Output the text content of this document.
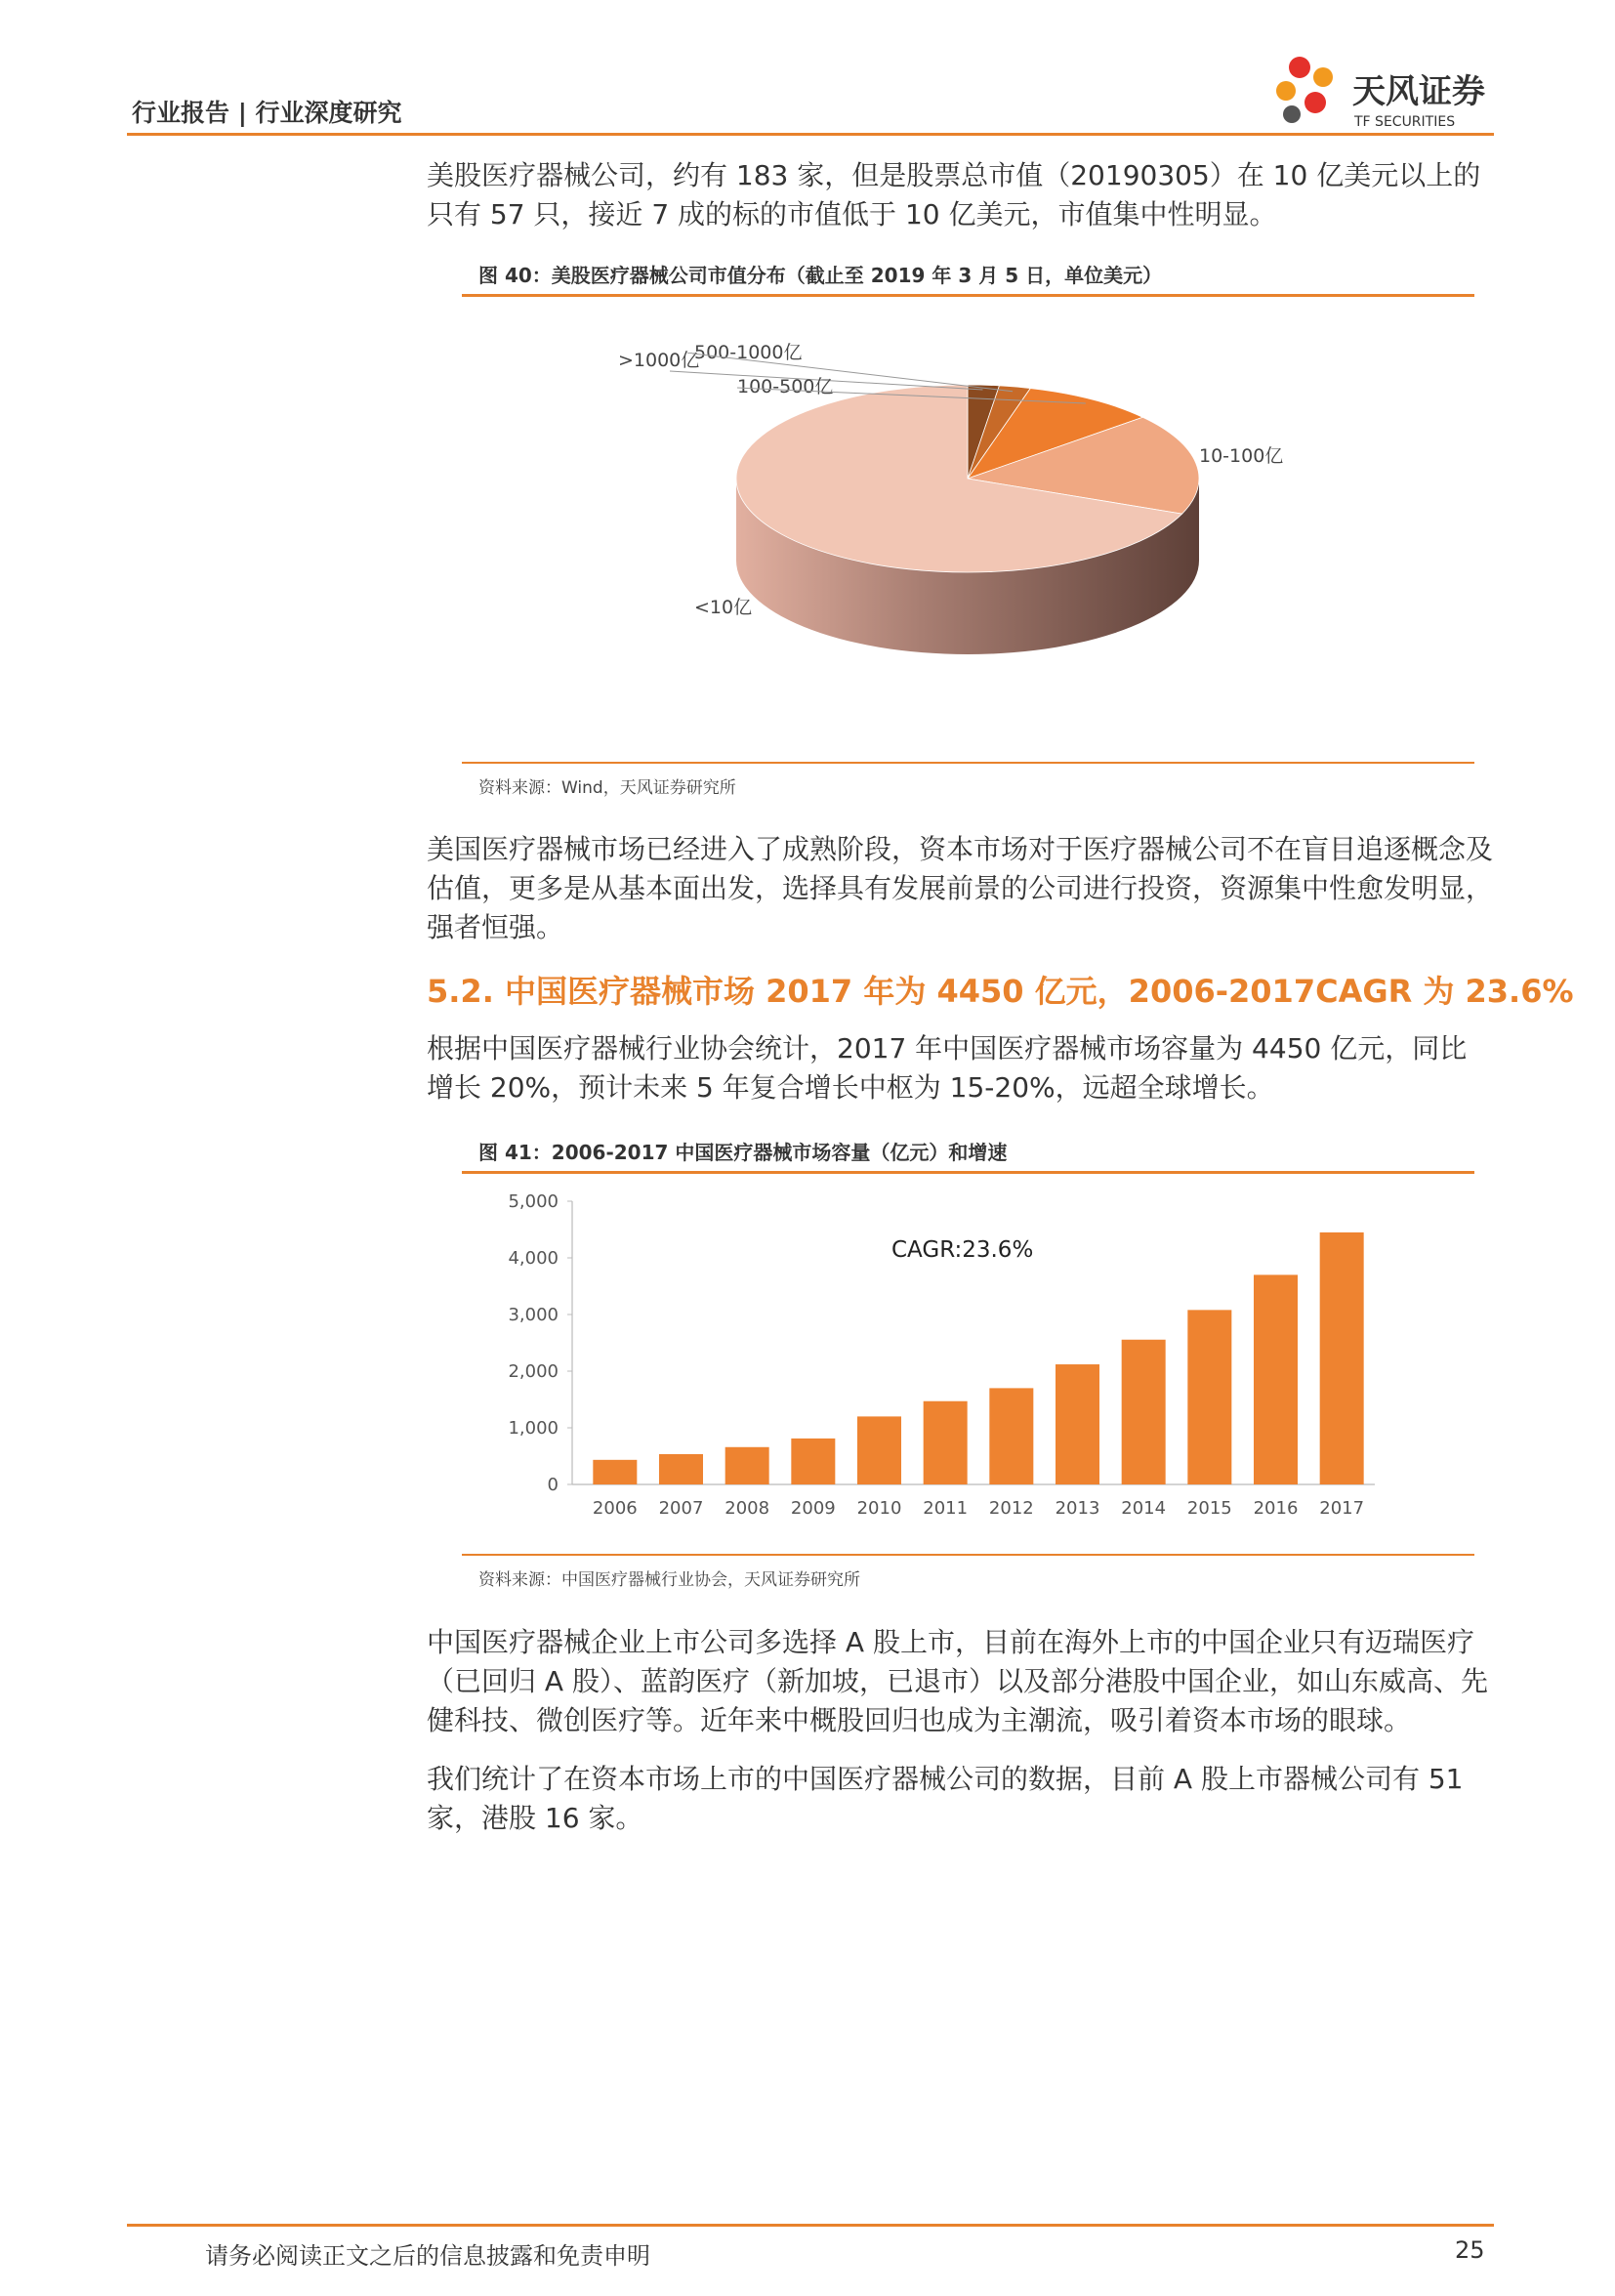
行业报告 | 行业深度研究
天风证券
TF SECURITIES

美股医疗器械公司，约有 183 家，但是股票总市值（20190305）在 10 亿美元以上的只有 57 只，接近 7 成的标的市值低于 10 亿美元，市值集中性明显。

图 40：美股医疗器械公司市值分布（截止至 2019 年 3 月 5 日，单位美元）
>1000亿
500-1000亿
100-500亿
10-100亿
<10亿
资料来源：Wind，天风证券研究所

美国医疗器械市场已经进入了成熟阶段，资本市场对于医疗器械公司不在盲目追逐概念及估值，更多是从基本面出发，选择具有发展前景的公司进行投资，资源集中性愈发明显，强者恒强。

5.2. 中国医疗器械市场 2017 年为 4450 亿元，2006-2017CAGR 为 23.6%

根据中国医疗器械行业协会统计，2017 年中国医疗器械市场容量为 4450 亿元，同比增长 20%，预计未来 5 年复合增长中枢为 15-20%，远超全球增长。

图 41：2006-2017 中国医疗器械市场容量（亿元）和增速
0
1,000
2,000
3,000
4,000
5,000
2006 2007 2008 2009 2010 2011 2012 2013 2014 2015 2016 2017
CAGR:23.6%
资料来源：中国医疗器械行业协会，天风证券研究所

中国医疗器械企业上市公司多选择 A 股上市，目前在海外上市的中国企业只有迈瑞医疗（已回归 A 股）、蓝韵医疗（新加坡，已退市）以及部分港股中国企业，如山东威高、先健科技、微创医疗等。近年来中概股回归也成为主潮流，吸引着资本市场的眼球。

我们统计了在资本市场上市的中国医疗器械公司的数据，目前 A 股上市器械公司有 51 家，港股 16 家。

请务必阅读正文之后的信息披露和免责申明	25
